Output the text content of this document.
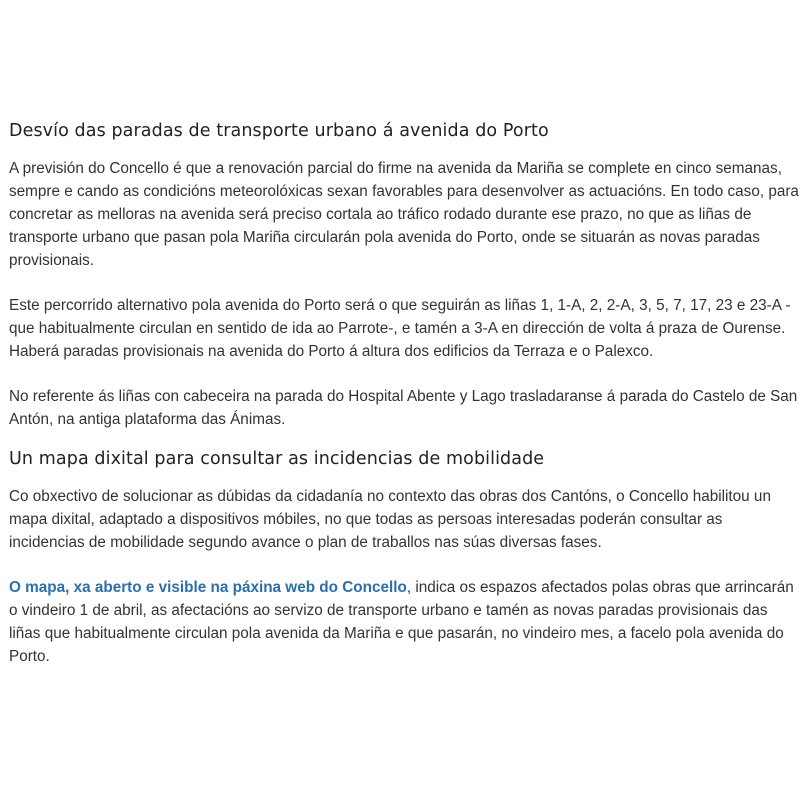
Desvío das paradas de transporte urbano á avenida do Porto

A previsión do Concello é que a renovación parcial do firme na avenida da Mariña se complete en cinco semanas, sempre e cando as condicións meteorolóxicas sexan favorables para desenvolver as actuacións. En todo caso, para concretar as melloras na avenida será preciso cortala ao tráfico rodado durante ese prazo, no que as liñas de transporte urbano que pasan pola Mariña circularán pola avenida do Porto, onde se situarán as novas paradas provisionais.

Este percorrido alternativo pola avenida do Porto será o que seguirán as liñas 1, 1-A, 2, 2-A, 3, 5, 7, 17, 23 e 23-A -que habitualmente circulan en sentido de ida ao Parrote-, e tamén a 3-A en dirección de volta á praza de Ourense. Haberá paradas provisionais na avenida do Porto á altura dos edificios da Terraza e o Palexco.

No referente ás liñas con cabeceira na parada do Hospital Abente y Lago trasladaranse á parada do Castelo de San Antón, na antiga plataforma das Ánimas.

Un mapa dixital para consultar as incidencias de mobilidade

Co obxectivo de solucionar as dúbidas da cidadanía no contexto das obras dos Cantóns, o Concello habilitou un mapa dixital, adaptado a dispositivos móbiles, no que todas as persoas interesadas poderán consultar as incidencias de mobilidade segundo avance o plan de traballos nas súas diversas fases.

O mapa, xa aberto e visible na páxina web do Concello, indica os espazos afectados polas obras que arrincarán o vindeiro 1 de abril, as afectacións ao servizo de transporte urbano e tamén as novas paradas provisionais das liñas que habitualmente circulan pola avenida da Mariña e que pasarán, no vindeiro mes, a facelo pola avenida do Porto.
